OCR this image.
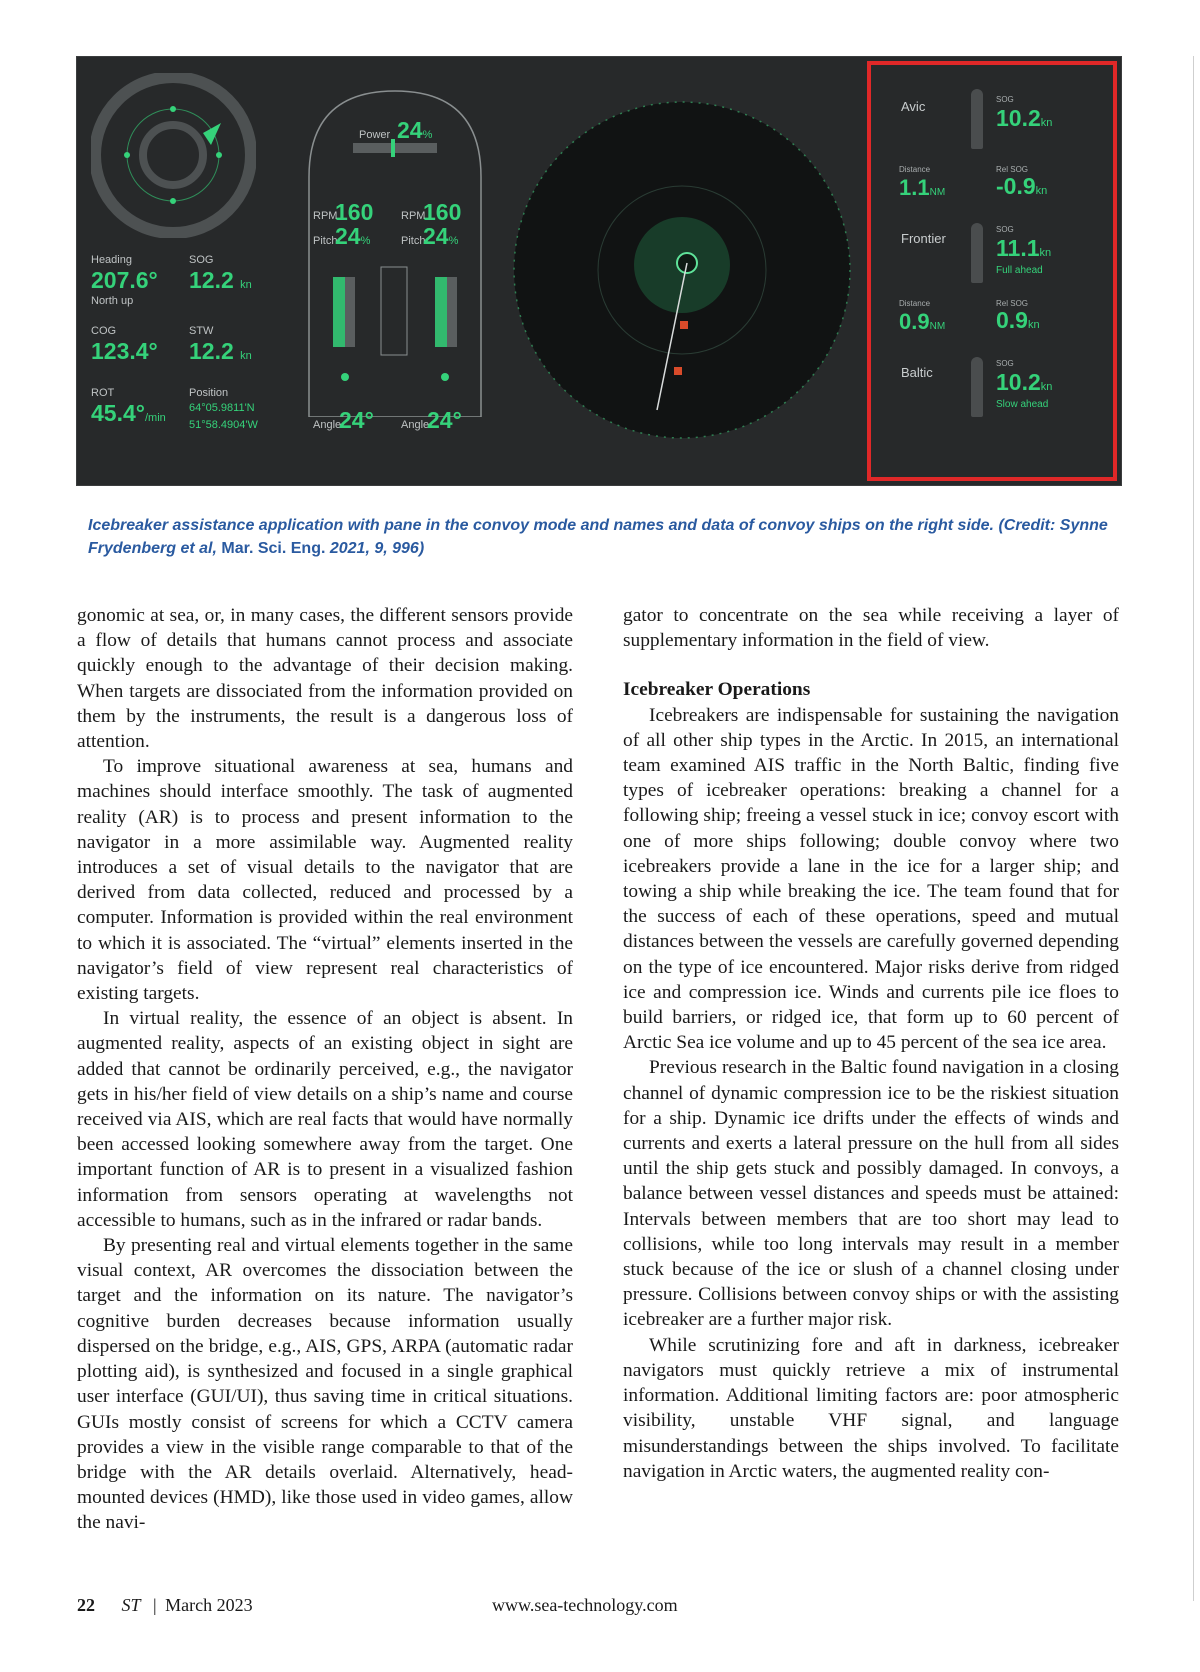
Heading
207.6°
North up
SOG
12.2 kn
COG
123.4°
STW
12.2 kn
ROT
45.4°/min
Position
64°05.9811'N
51°58.4904'W
Power 24%
RPM
160
Pitch
24%
RPM
160
Pitch
24%
Angle
24° Angle
24°
Avic	SOG
10.2kn
Distance
1.1NM
Rel SOG
-0.9kn
Frontier
SOG
11.1kn
Full ahead
Distance
0.9NM
Rel SOG
0.9kn
Baltic
SOG
10.2kn
Slow ahead
Icebreaker assistance application with pane in the convoy mode and names and data of convoy ships on the right side. (Credit: Synne Frydenberg et al, Mar. Sci. Eng. 2021, 9, 996)

gonomic at sea, or, in many cases, the different sensors provide a flow of details that humans cannot process and associate quickly enough to the advantage of their decision making. When targets are dissociated from the information provided on them by the instruments, the result is a dangerous loss of attention.

To improve situational awareness at sea, humans and machines should interface smoothly. The task of augmented reality (AR) is to process and present information to the navigator in a more assimilable way. Augmented reality introduces a set of visual details to the navigator that are derived from data collected, reduced and processed by a computer. Information is provided within the real environment to which it is associated. The “virtual” elements inserted in the navigator’s field of view represent real characteristics of existing targets.

In virtual reality, the essence of an object is absent. In augmented reality, aspects of an existing object in sight are added that cannot be ordinarily perceived, e.g., the navigator gets in his/her field of view details on a ship’s name and course received via AIS, which are real facts that would have normally been accessed looking somewhere away from the target. One important function of AR is to present in a visualized fashion information from sensors operating at wavelengths not accessible to humans, such as in the infrared or radar bands.

By presenting real and virtual elements together in the same visual context, AR overcomes the dissociation between the target and the information on its nature. The navigator’s cognitive burden decreases because information usually dispersed on the bridge, e.g., AIS, GPS, ARPA (automatic radar plotting aid), is synthesized and focused in a single graphical user interface (GUI/UI), thus saving time in critical situations. GUIs mostly consist of screens for which a CCTV camera provides a view in the visible range comparable to that of the bridge with the AR details overlaid. Alternatively, head-mounted devices (HMD), like those used in video games, allow the navi-

gator to concentrate on the sea while receiving a layer of supplementary information in the field of view.

Icebreaker Operations

Icebreakers are indispensable for sustaining the navigation of all other ship types in the Arctic. In 2015, an international team examined AIS traffic in the North Baltic, finding five types of icebreaker operations: breaking a channel for a following ship; freeing a vessel stuck in ice; convoy escort with one of more ships following; double convoy where two icebreakers provide a lane in the ice for a larger ship; and towing a ship while breaking the ice. The team found that for the success of each of these operations, speed and mutual distances between the vessels are carefully governed depending on the type of ice encountered. Major risks derive from ridged ice and compression ice. Winds and currents pile ice floes to build barriers, or ridged ice, that form up to 60 percent of Arctic Sea ice volume and up to 45 percent of the sea ice area.

Previous research in the Baltic found navigation in a closing channel of dynamic compression ice to be the riskiest situation for a ship. Dynamic ice drifts under the effects of winds and currents and exerts a lateral pressure on the hull from all sides until the ship gets stuck and possibly damaged. In convoys, a balance between vessel distances and speeds must be attained: Intervals between members that are too short may lead to collisions, while too long intervals may result in a member stuck because of the ice or slush of a channel closing under pressure. Collisions between convoy ships or with the assisting icebreaker are a further major risk.

While scrutinizing fore and aft in darkness, icebreaker navigators must quickly retrieve a mix of instrumental information. Additional limiting factors are: poor atmospheric visibility, unstable VHF signal, and language misunderstandings between the ships involved. To facilitate navigation in Arctic waters, the augmented reality con-

22 ST | March 2023	www.sea-technology.com
